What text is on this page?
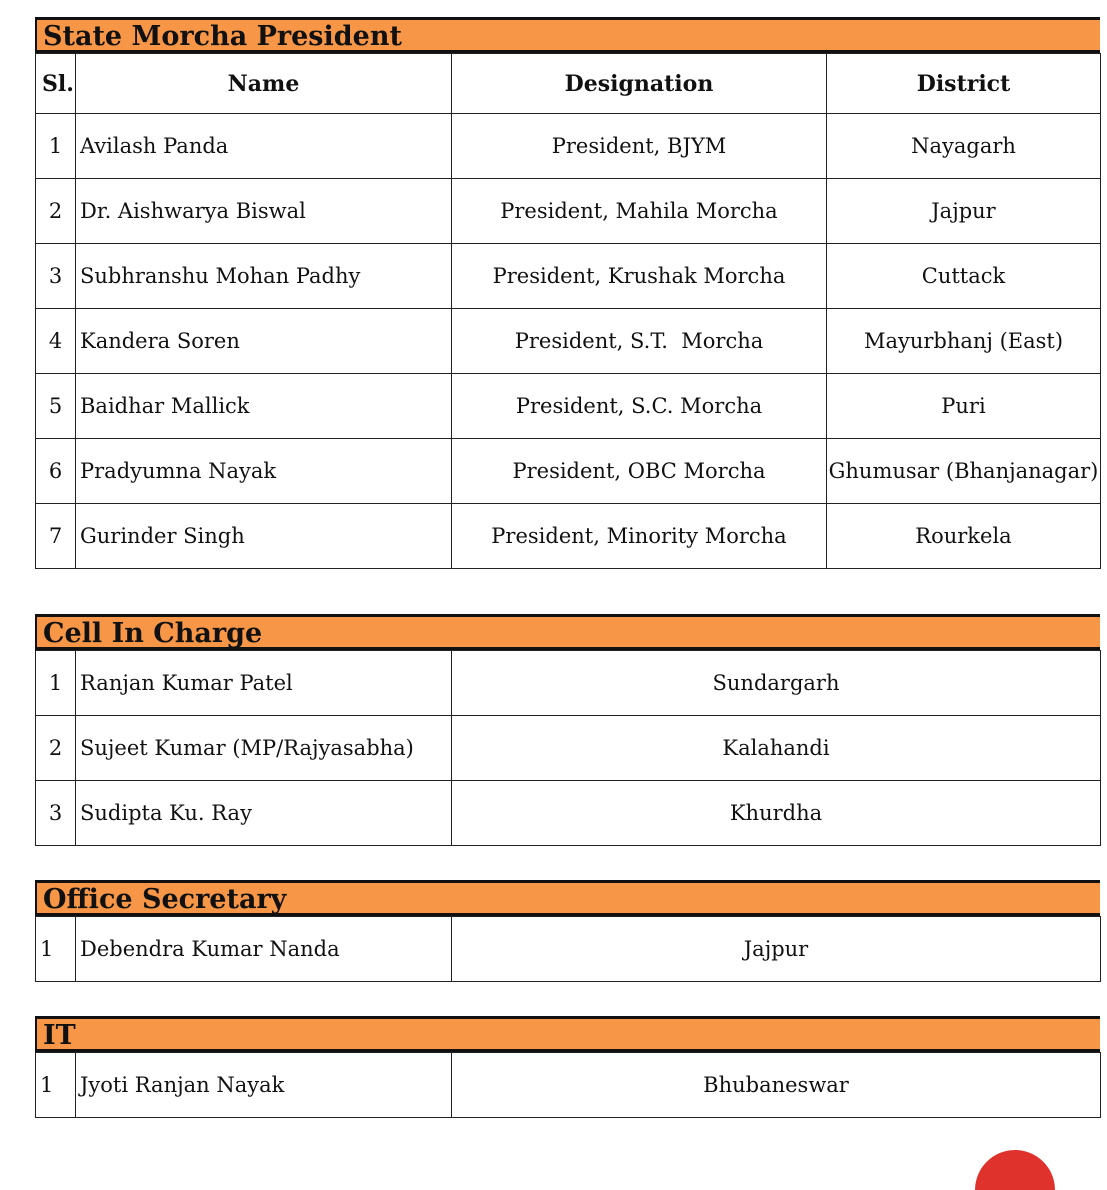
State Morcha President
Sl.	Name	Designation	District
1	Avilash Panda	President, BJYM	Nayagarh
2	Dr. Aishwarya Biswal	President, Mahila Morcha	Jajpur
3	Subhranshu Mohan Padhy	President, Krushak Morcha	Cuttack
4	Kandera Soren	President, S.T.  Morcha	Mayurbhanj (East)
5	Baidhar Mallick	President, S.C. Morcha	Puri
6	Pradyumna Nayak	President, OBC Morcha	Ghumusar (Bhanjanagar)
7	Gurinder Singh	President, Minority Morcha	Rourkela
Cell In Charge
1	Ranjan Kumar Patel	Sundargarh
2	Sujeet Kumar (MP/Rajyasabha)	Kalahandi
3	Sudipta Ku. Ray	Khurdha
Office Secretary
1	Debendra Kumar Nanda	Jajpur
IT
1	Jyoti Ranjan Nayak	Bhubaneswar
